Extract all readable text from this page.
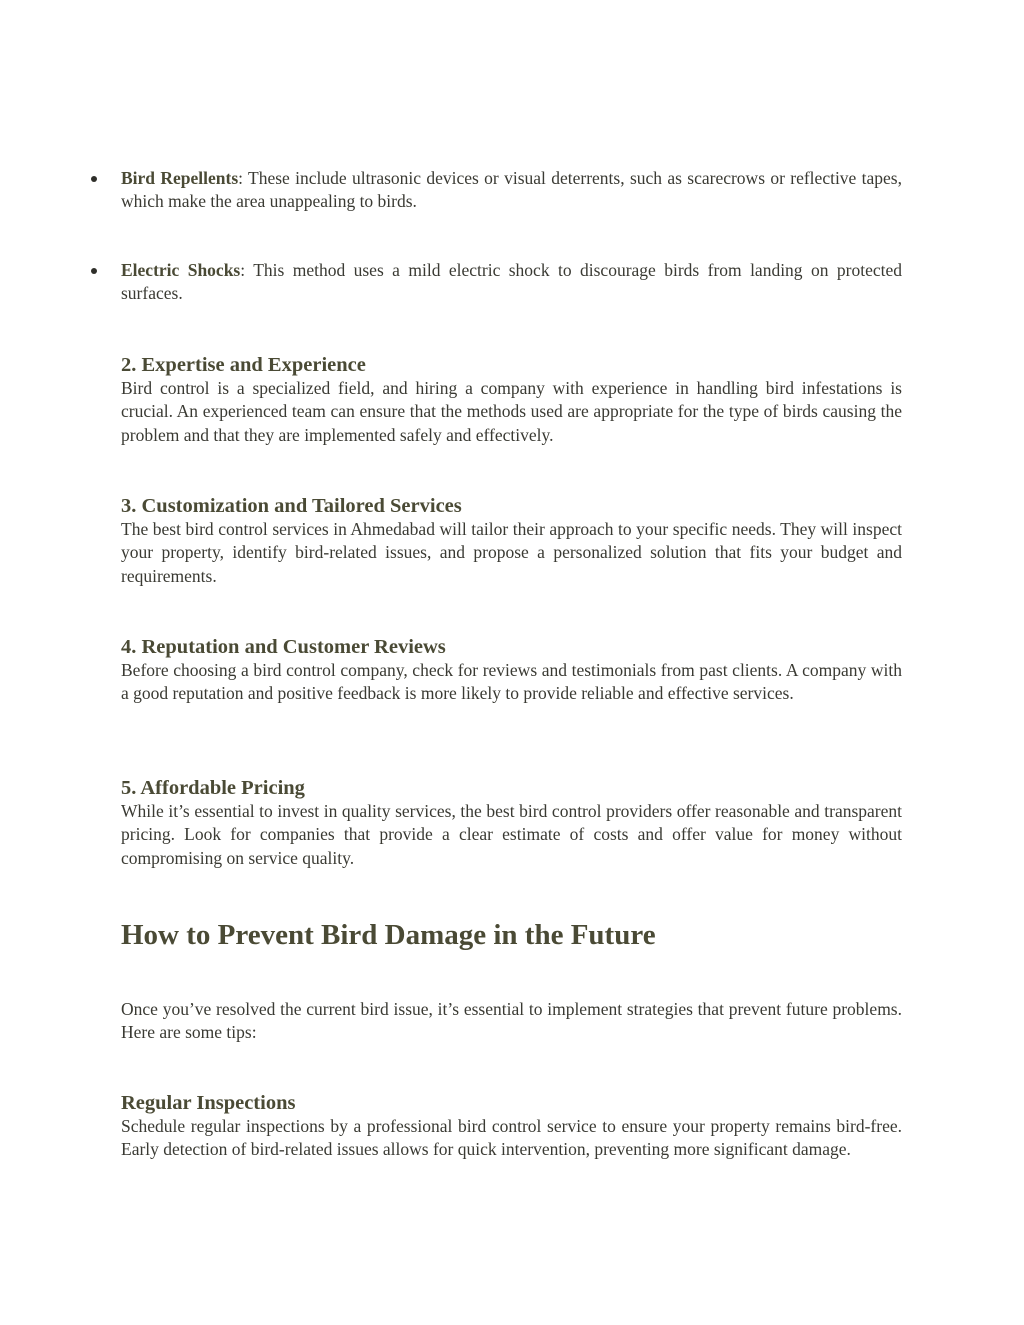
Bird Repellents: These include ultrasonic devices or visual deterrents, such as scarecrows or reflective tapes, which make the area unappealing to birds.

Electric Shocks: This method uses a mild electric shock to discourage birds from landing on protected surfaces.

2. Expertise and Experience

Bird control is a specialized field, and hiring a company with experience in handling bird infestations is crucial. An experienced team can ensure that the methods used are appropriate for the type of birds causing the problem and that they are implemented safely and effectively.

3. Customization and Tailored Services

The best bird control services in Ahmedabad will tailor their approach to your specific needs. They will inspect your property, identify bird-related issues, and propose a personalized solution that fits your budget and requirements.

4. Reputation and Customer Reviews

Before choosing a bird control company, check for reviews and testimonials from past clients. A company with a good reputation and positive feedback is more likely to provide reliable and effective services.

5. Affordable Pricing

While it’s essential to invest in quality services, the best bird control providers offer reasonable and transparent pricing. Look for companies that provide a clear estimate of costs and offer value for money without compromising on service quality.

How to Prevent Bird Damage in the Future

Once you’ve resolved the current bird issue, it’s essential to implement strategies that prevent future problems. Here are some tips:

Regular Inspections

Schedule regular inspections by a professional bird control service to ensure your property remains bird-free. Early detection of bird-related issues allows for quick intervention, preventing more significant damage.
